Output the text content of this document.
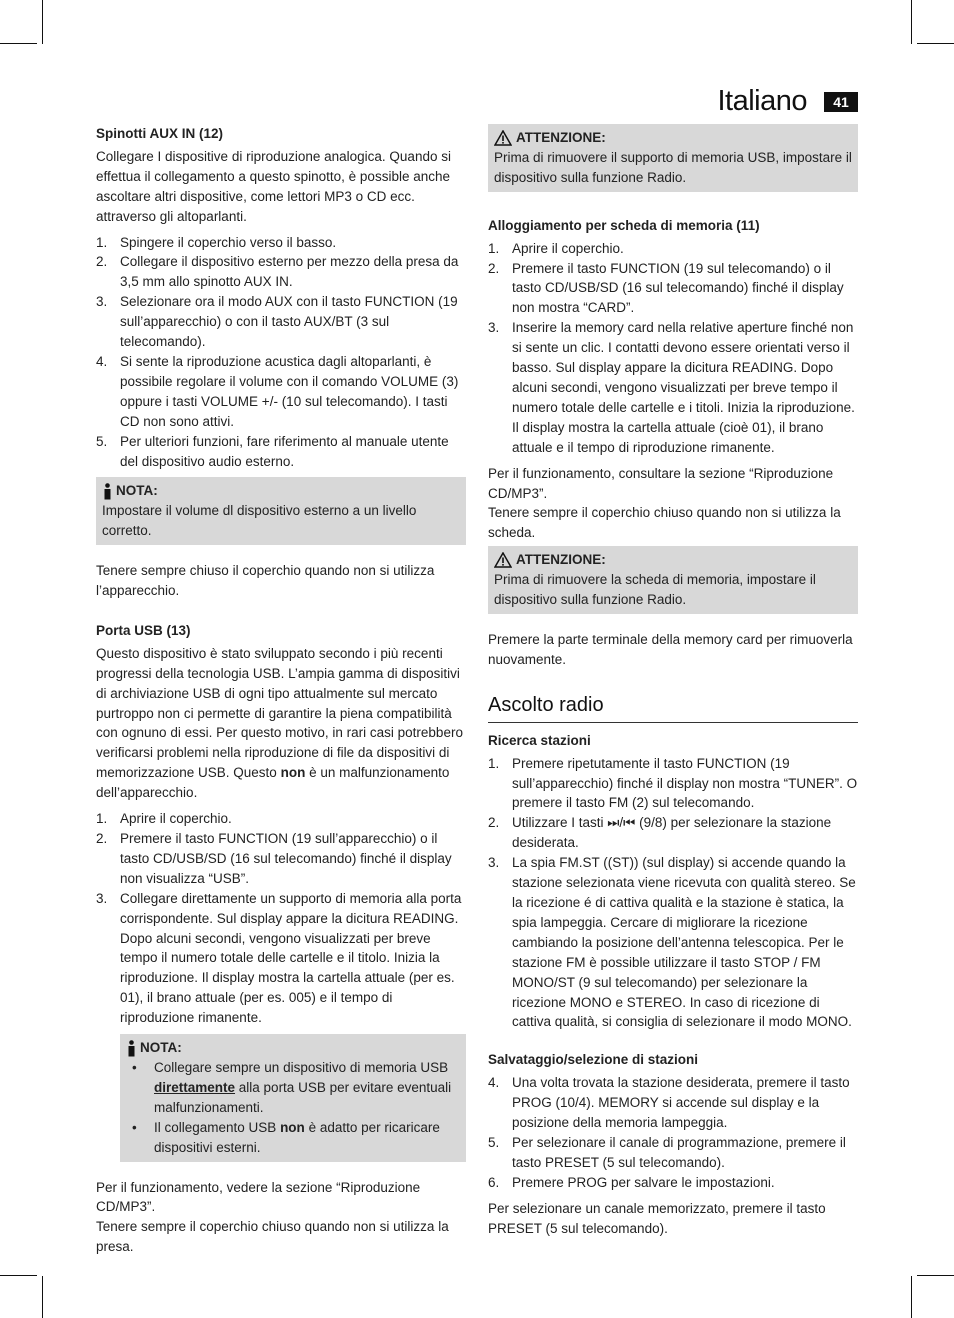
Italiano	41

Spinotti AUX IN (12)

Collegare I dispositive di riproduzione analogica. Quando si effettua il collegamento a questo spinotto, è possible anche ascoltare altri dispositive, come lettori MP3 o CD ecc. attraverso gli altoparlanti.

1. Spingere il coperchio verso il basso.
2. Collegare il dispositivo esterno per mezzo della presa da 3,5 mm allo spinotto AUX IN.
3. Selezionare ora il modo AUX con il tasto FUNCTION (19 sull’apparecchio) o con il tasto AUX/BT (3 sul telecomando).
4. Si sente la riproduzione acustica dagli altoparlanti, è possibile regolare il volume con il comando VOLUME (3) oppure i tasti VOLUME +/- (10 sul telecomando). I tasti CD non sono attivi.
5. Per ulteriori funzioni, fare riferimento al manuale utente del dispositivo audio esterno.
NOTA:

Impostare il volume dl dispositivo esterno a un livello corretto.

Tenere sempre chiuso il coperchio quando non si utilizza l’apparecchio.

Porta USB (13)

Questo dispositivo è stato sviluppato secondo i più recenti progressi della tecnologia USB. L’ampia gamma di dispositivi di archiviazione USB di ogni tipo attualmente sul mercato purtroppo non ci permette di garantire la piena compatibilità con ognuno di essi. Per questo motivo, in rari casi potrebbero verificarsi problemi nella riproduzione di file da dispositivi di memorizzazione USB. Questo non è un malfunzionamento dell’apparecchio.

1. Aprire il coperchio.
2. Premere il tasto FUNCTION (19 sull’apparecchio) o il tasto CD/USB/SD (16 sul telecomando) finché il display non visualizza “USB”.
3. Collegare direttamente un supporto di memoria alla porta corrispondente. Sul display appare la dicitura READING. Dopo alcuni secondi, vengono visualizzati per breve tempo il numero totale delle cartelle e il titolo. Inizia la riproduzione. Il display mostra la cartella attuale (per es. 01), il brano attuale (per es. 005) e il tempo di riproduzione rimanente.
NOTA:
• Collegare sempre un dispositivo di memoria USB direttamente alla porta USB per evitare eventuali malfunzionamenti.
• Il collegamento USB non è adatto per ricaricare dispositivi esterni.

Per il funzionamento, vedere la sezione “Riproduzione CD/MP3”.

Tenere sempre il coperchio chiuso quando non si utilizza la presa.

ATTENZIONE:

Prima di rimuovere il supporto di memoria USB, impostare il dispositivo sulla funzione Radio.

Alloggiamento per scheda di memoria (11)

1. Aprire il coperchio.
2. Premere il tasto FUNCTION (19 sul telecomando) o il tasto CD/USB/SD (16 sul telecomando) finché il display non mostra “CARD”.
3. Inserire la memory card nella relative aperture finché non si sente un clic. I contatti devono essere orientati verso il basso. Sul display appare la dicitura READING. Dopo alcuni secondi, vengono visualizzati per breve tempo il numero totale delle cartelle e i titoli. Inizia la riproduzione. Il display mostra la cartella attuale (cioè 01), il brano attuale e il tempo di riproduzione rimanente.

Per il funzionamento, consultare la sezione “Riproduzione CD/MP3”.

Tenere sempre il coperchio chiuso quando non si utilizza la scheda.

ATTENZIONE:

Prima di rimuovere la scheda di memoria, impostare il dispositivo sulla funzione Radio.

Premere la parte terminale della memory card per rimuoverla nuovamente.

Ascolto radio

Ricerca stazioni

1. Premere ripetutamente il tasto FUNCTION (19 sull’apparecchio) finché il display non mostra “TUNER”. O premere il tasto FM (2) sul telecomando.
2. Utilizzare I tasti ⏭/⏮ (9/8) per selezionare la stazione desiderata.
3. La spia FM.ST ((ST)) (sul display) si accende quando la stazione selezionata viene ricevuta con qualità stereo. Se la ricezione é di cattiva qualità e la stazione è statica, la spia lampeggia. Cercare di migliorare la ricezione cambiando la posizione dell’antenna telescopica. Per le stazione FM è possible utilizzare il tasto STOP / FM MONO/ST (9 sul telecomando) per selezionare la ricezione MONO e STEREO. In caso di ricezione di cattiva qualità, si consiglia di selezionare il modo MONO.

Salvataggio/selezione di stazioni

4. Una volta trovata la stazione desiderata, premere il tasto PROG (10/4). MEMORY si accende sul display e la posizione della memoria lampeggia.
5. Per selezionare il canale di programmazione, premere il tasto PRESET (5 sul telecomando).
6. Premere PROG per salvare le impostazioni.

Per selezionare un canale memorizzato, premere il tasto PRESET (5 sul telecomando).
